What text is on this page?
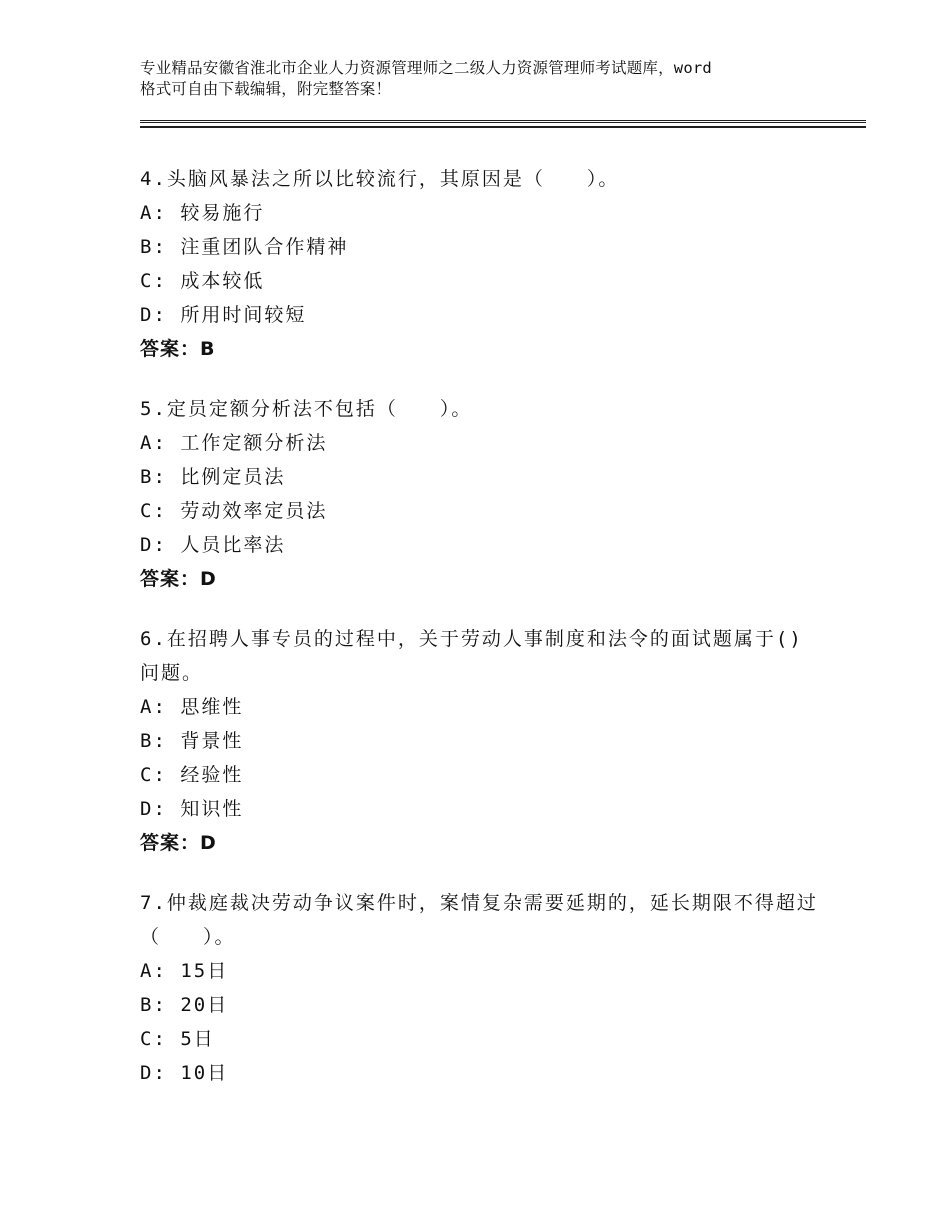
专业精品安徽省淮北市企业人力资源管理师之二级人力资源管理师考试题库，word
格式可自由下载编辑，附完整答案！
4.头脑风暴法之所以比较流行，其原因是（　　）。
A: 较易施行
B: 注重团队合作精神
C: 成本较低
D: 所用时间较短
答案：B
5.定员定额分析法不包括（　　）。
A: 工作定额分析法
B: 比例定员法
C: 劳动效率定员法
D: 人员比率法
答案：D
6.在招聘人事专员的过程中，关于劳动人事制度和法令的面试题属于()问题。
A: 思维性
B: 背景性
C: 经验性
D: 知识性
答案：D
7.仲裁庭裁决劳动争议案件时，案情复杂需要延期的，延长期限不得超过（　　）。
A: 15日
B: 20日
C: 5日
D: 10日
